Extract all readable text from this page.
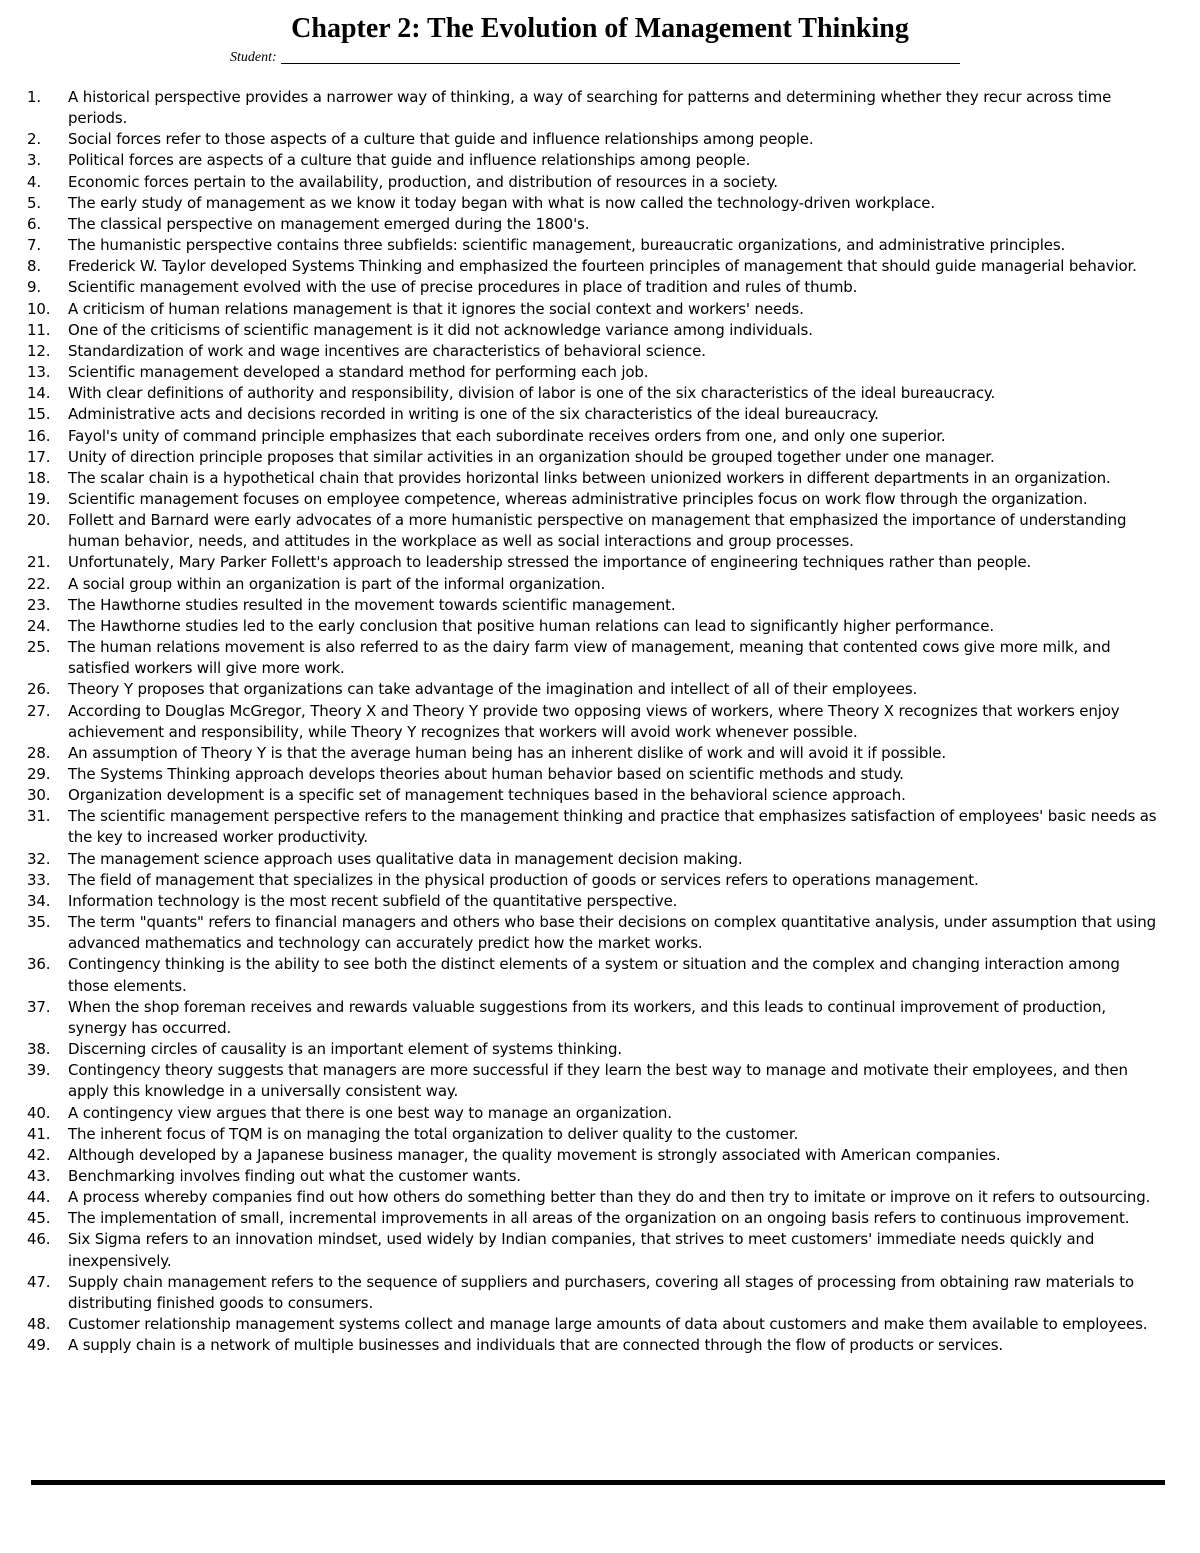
Chapter 2: The Evolution of Management Thinking
Student:
1.	A historical perspective provides a narrower way of thinking, a way of searching for patterns and determining whether they recur across time periods.
2.	Social forces refer to those aspects of a culture that guide and influence relationships among people.
3.	Political forces are aspects of a culture that guide and influence relationships among people.
4.	Economic forces pertain to the availability, production, and distribution of resources in a society.
5.	The early study of management as we know it today began with what is now called the technology-driven workplace.
6.	The classical perspective on management emerged during the 1800's.
7.	The humanistic perspective contains three subfields: scientific management, bureaucratic organizations, and administrative principles.
8.	Frederick W. Taylor developed Systems Thinking and emphasized the fourteen principles of management that should guide managerial behavior.
9.	Scientific management evolved with the use of precise procedures in place of tradition and rules of thumb.
10.	A criticism of human relations management is that it ignores the social context and workers' needs.
11.	One of the criticisms of scientific management is it did not acknowledge variance among individuals.
12.	Standardization of work and wage incentives are characteristics of behavioral science.
13.	Scientific management developed a standard method for performing each job.
14.	With clear definitions of authority and responsibility, division of labor is one of the six characteristics of the ideal bureaucracy.
15.	Administrative acts and decisions recorded in writing is one of the six characteristics of the ideal bureaucracy.
16.	Fayol's unity of command principle emphasizes that each subordinate receives orders from one, and only one superior.
17.	Unity of direction principle proposes that similar activities in an organization should be grouped together under one manager.
18.	The scalar chain is a hypothetical chain that provides horizontal links between unionized workers in different departments in an organization.
19.	Scientific management focuses on employee competence, whereas administrative principles focus on work flow through the organization.
20.	Follett and Barnard were early advocates of a more humanistic perspective on management that emphasized the importance of understanding human behavior, needs, and attitudes in the workplace as well as social interactions and group processes.
21.	Unfortunately, Mary Parker Follett's approach to leadership stressed the importance of engineering techniques rather than people.
22.	A social group within an organization is part of the informal organization.
23.	The Hawthorne studies resulted in the movement towards scientific management.
24.	The Hawthorne studies led to the early conclusion that positive human relations can lead to significantly higher performance.
25.	The human relations movement is also referred to as the dairy farm view of management, meaning that contented cows give more milk, and satisfied workers will give more work.
26.	Theory Y proposes that organizations can take advantage of the imagination and intellect of all of their employees.
27.	According to Douglas McGregor, Theory X and Theory Y provide two opposing views of workers, where Theory X recognizes that workers enjoy achievement and responsibility, while Theory Y recognizes that workers will avoid work whenever possible.
28.	An assumption of Theory Y is that the average human being has an inherent dislike of work and will avoid it if possible.
29.	The Systems Thinking approach develops theories about human behavior based on scientific methods and study.
30.	Organization development is a specific set of management techniques based in the behavioral science approach.
31.	The scientific management perspective refers to the management thinking and practice that emphasizes satisfaction of employees' basic needs as the key to increased worker productivity.
32.	The management science approach uses qualitative data in management decision making.
33.	The field of management that specializes in the physical production of goods or services refers to operations management.
34.	Information technology is the most recent subfield of the quantitative perspective.
35.	The term "quants" refers to financial managers and others who base their decisions on complex quantitative analysis, under assumption that using advanced mathematics and technology can accurately predict how the market works.
36.	Contingency thinking is the ability to see both the distinct elements of a system or situation and the complex and changing interaction among those elements.
37.	When the shop foreman receives and rewards valuable suggestions from its workers, and this leads to continual improvement of production, synergy has occurred.
38.	Discerning circles of causality is an important element of systems thinking.
39.	Contingency theory suggests that managers are more successful if they learn the best way to manage and motivate their employees, and then apply this knowledge in a universally consistent way.
40.	A contingency view argues that there is one best way to manage an organization.
41.	The inherent focus of TQM is on managing the total organization to deliver quality to the customer.
42.	Although developed by a Japanese business manager, the quality movement is strongly associated with American companies.
43.	Benchmarking involves finding out what the customer wants.
44.	A process whereby companies find out how others do something better than they do and then try to imitate or improve on it refers to outsourcing.
45.	The implementation of small, incremental improvements in all areas of the organization on an ongoing basis refers to continuous improvement.
46.	Six Sigma refers to an innovation mindset, used widely by Indian companies, that strives to meet customers' immediate needs quickly and inexpensively.
47.	Supply chain management refers to the sequence of suppliers and purchasers, covering all stages of processing from obtaining raw materials to distributing finished goods to consumers.
48.	Customer relationship management systems collect and manage large amounts of data about customers and make them available to employees.
49.	A supply chain is a network of multiple businesses and individuals that are connected through the flow of products or services.
